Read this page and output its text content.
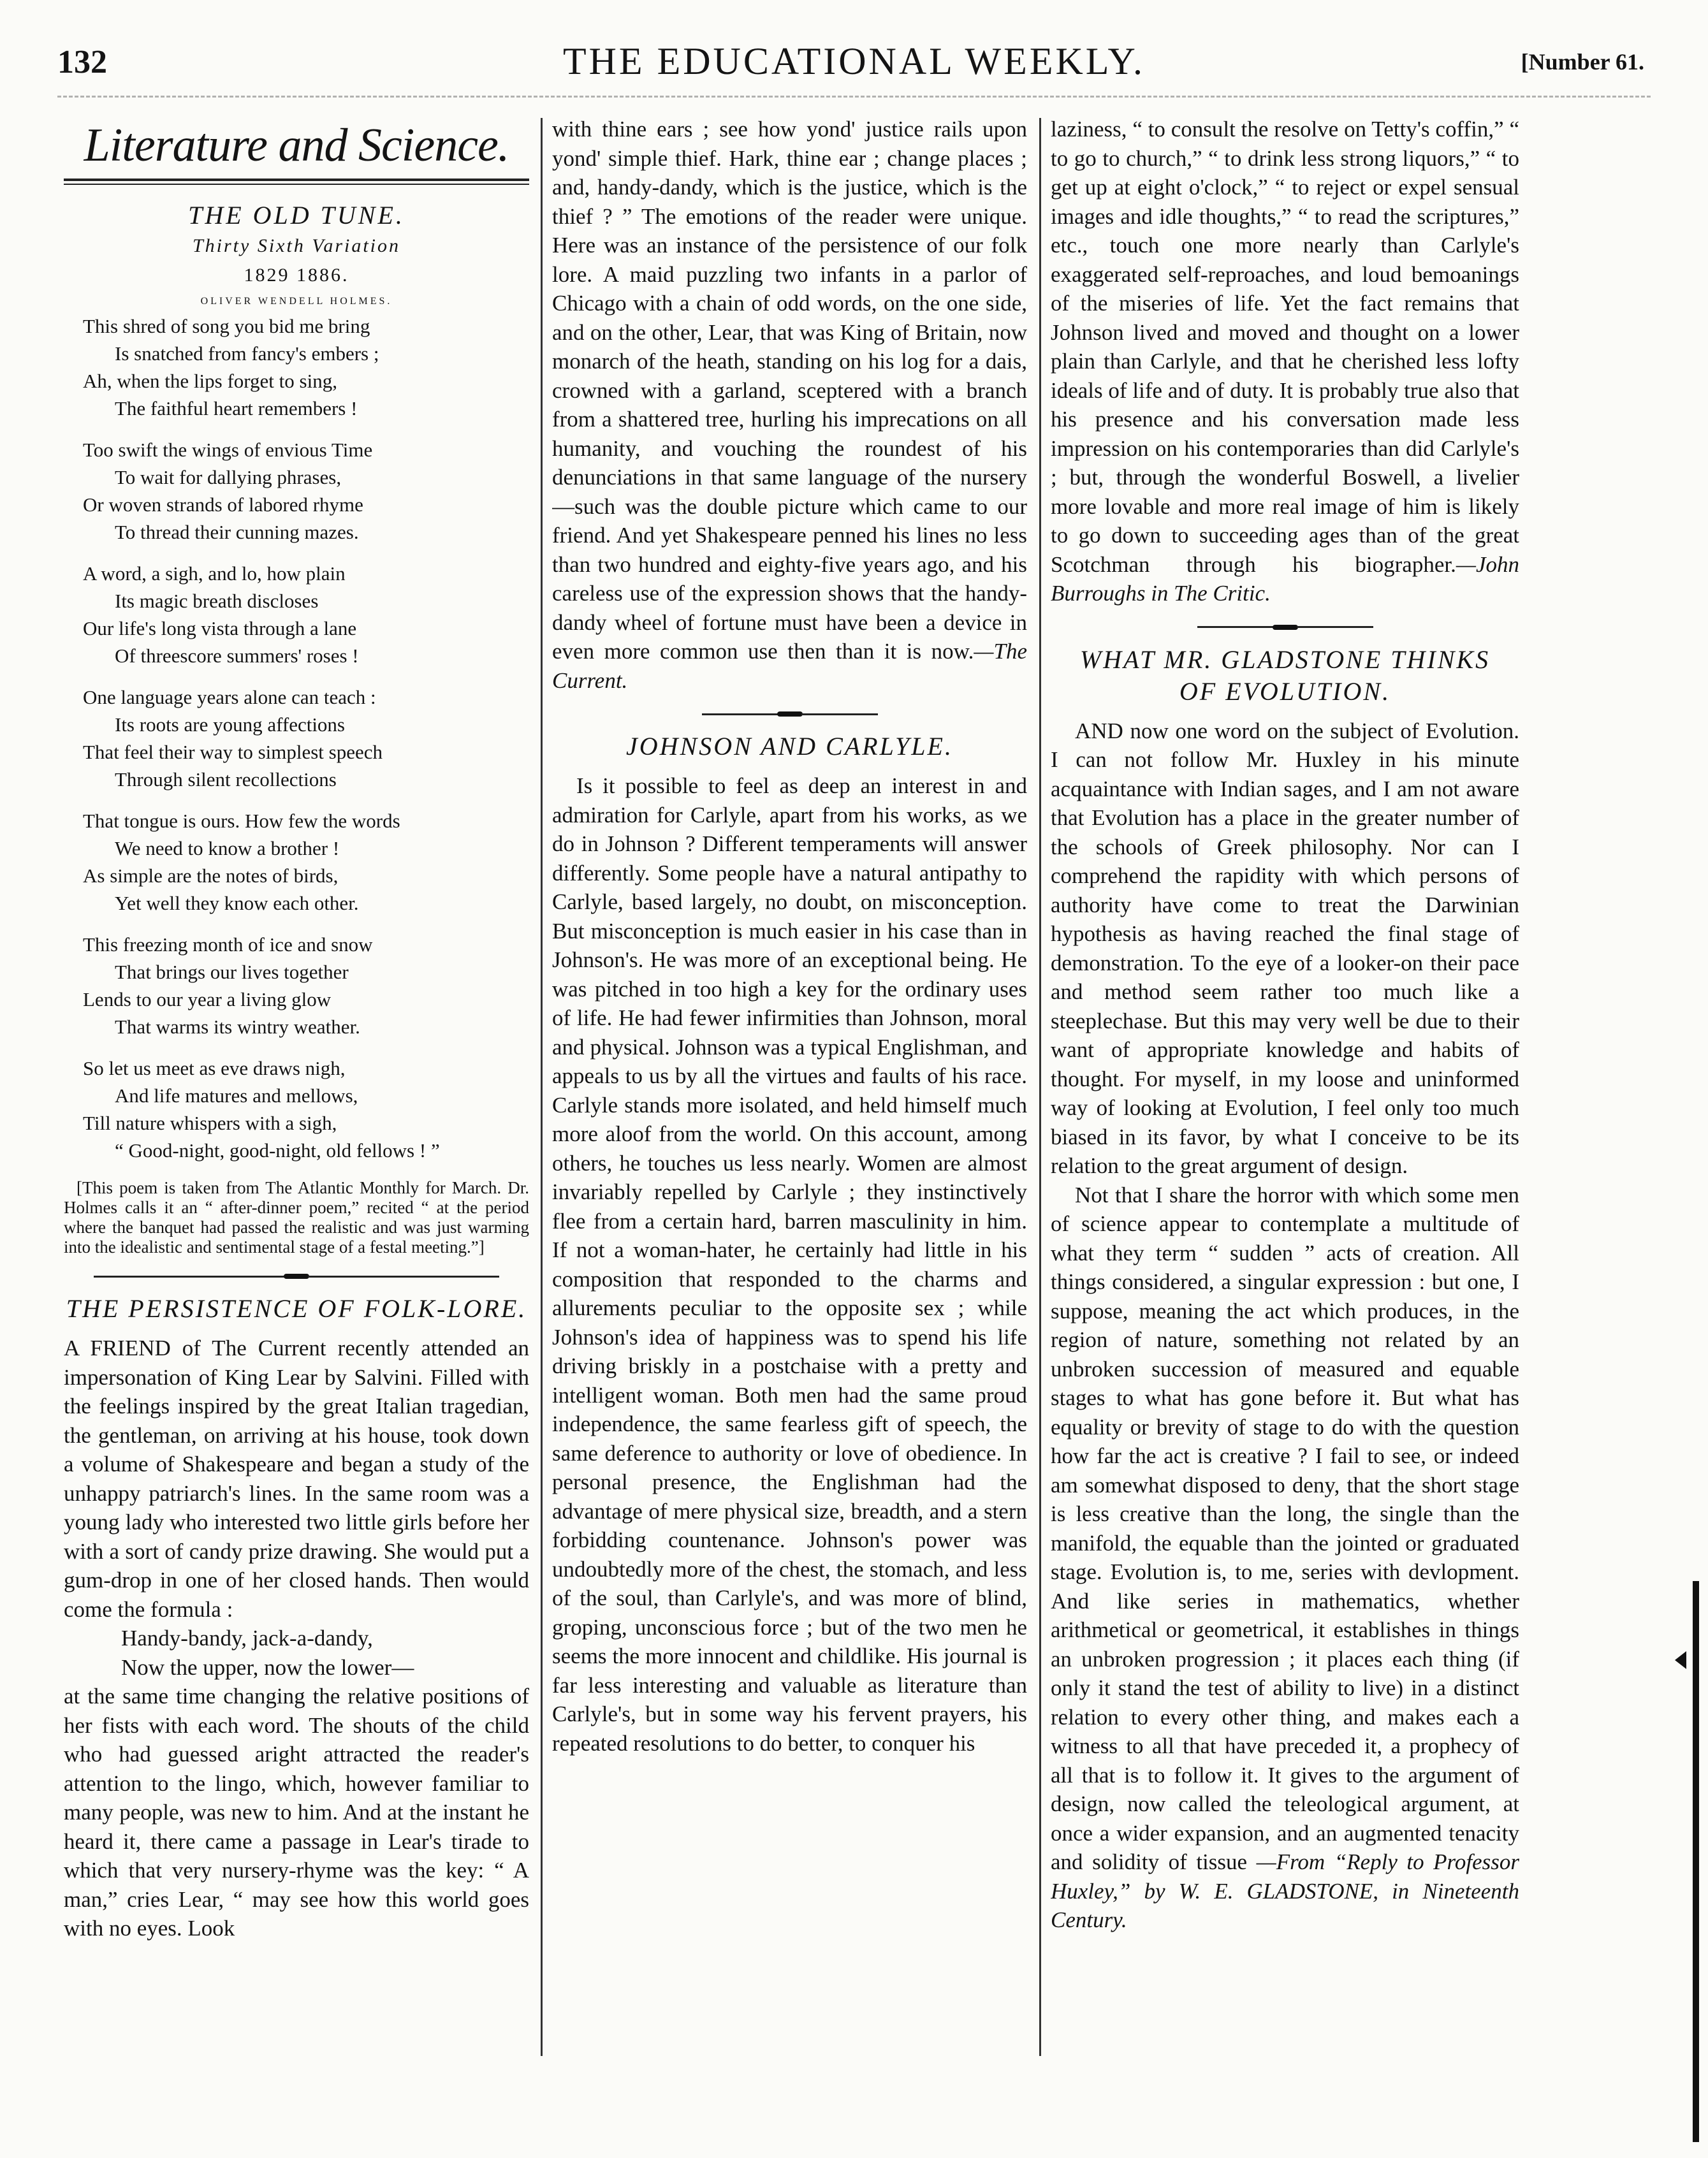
132	THE EDUCATIONAL WEEKLY.	[Number 61.
Literature and Science.
THE OLD TUNE.
Thirty Sixth Variation
1829 1886.
OLIVER WENDELL HOLMES.
This shred of song you bid me bring
Is snatched from fancy's embers ;
Ah, when the lips forget to sing,
The faithful heart remembers !
Too swift the wings of envious Time
To wait for dallying phrases,
Or woven strands of labored rhyme
To thread their cunning mazes.
A word, a sigh, and lo, how plain
Its magic breath discloses
Our life's long vista through a lane
Of threescore summers' roses !
One language years alone can teach :
Its roots are young affections
That feel their way to simplest speech
Through silent recollections
That tongue is ours. How few the words
We need to know a brother !
As simple are the notes of birds,
Yet well they know each other.
This freezing month of ice and snow
That brings our lives together
Lends to our year a living glow
That warms its wintry weather.
So let us meet as eve draws nigh,
And life matures and mellows,
Till nature whispers with a sigh,
“ Good-night, good-night, old fellows ! ”
[This poem is taken from The Atlantic Monthly for March. Dr. Holmes calls it an “ after-dinner poem,” recited “ at the period where the banquet had passed the realistic and was just warming into the idealistic and sentimental stage of a festal meeting.”]
THE PERSISTENCE OF FOLK-LORE.

A FRIEND of The Current recently attended an impersonation of King Lear by Salvini. Filled with the feelings inspired by the great Italian tragedian, the gentleman, on arriving at his house, took down a volume of Shakespeare and began a study of the unhappy patriarch's lines. In the same room was a young lady who interested two little girls before her with a sort of candy prize drawing. She would put a gum-drop in one of her closed hands. Then would come the formula :

Handy-bandy, jack-a-dandy,
Now the upper, now the lower—

at the same time changing the relative positions of her fists with each word. The shouts of the child who had guessed aright attracted the reader's attention to the lingo, which, however familiar to many people, was new to him. And at the instant he heard it, there came a passage in Lear's tirade to which that very nursery-rhyme was the key: “ A man,” cries Lear, “ may see how this world goes with no eyes. Look

with thine ears ; see how yond' justice rails upon yond' simple thief. Hark, thine ear ; change places ; and, handy-dandy, which is the justice, which is the thief ? ” The emotions of the reader were unique. Here was an instance of the persistence of our folk lore. A maid puzzling two infants in a parlor of Chicago with a chain of odd words, on the one side, and on the other, Lear, that was King of Britain, now monarch of the heath, standing on his log for a dais, crowned with a garland, sceptered with a branch from a shattered tree, hurling his imprecations on all humanity, and vouching the roundest of his denunciations in that same language of the nursery—such was the double picture which came to our friend. And yet Shakespeare penned his lines no less than two hundred and eighty-five years ago, and his careless use of the expression shows that the handy-dandy wheel of fortune must have been a device in even more common use then than it is now.—The Current.

JOHNSON AND CARLYLE.

Is it possible to feel as deep an interest in and admiration for Carlyle, apart from his works, as we do in Johnson ? Different temperaments will answer differently. Some people have a natural antipathy to Carlyle, based largely, no doubt, on misconception. But misconception is much easier in his case than in Johnson's. He was more of an exceptional being. He was pitched in too high a key for the ordinary uses of life. He had fewer infirmities than Johnson, moral and physical. Johnson was a typical Englishman, and appeals to us by all the virtues and faults of his race. Carlyle stands more isolated, and held himself much more aloof from the world. On this account, among others, he touches us less nearly. Women are almost invariably repelled by Carlyle ; they instinctively flee from a certain hard, barren masculinity in him. If not a woman-hater, he certainly had little in his composition that responded to the charms and allurements peculiar to the opposite sex ; while Johnson's idea of happiness was to spend his life driving briskly in a postchaise with a pretty and intelligent woman. Both men had the same proud independence, the same fearless gift of speech, the same deference to authority or love of obedience. In personal presence, the Englishman had the advantage of mere physical size, breadth, and a stern forbidding countenance. Johnson's power was undoubtedly more of the chest, the stomach, and less of the soul, than Carlyle's, and was more of blind, groping, unconscious force ; but of the two men he seems the more innocent and childlike. His journal is far less interesting and valuable as literature than Carlyle's, but in some way his fervent prayers, his repeated resolutions to do better, to conquer his

laziness, “ to consult the resolve on Tetty's coffin,” “ to go to church,” “ to drink less strong liquors,” “ to get up at eight o'clock,” “ to reject or expel sensual images and idle thoughts,” “ to read the scriptures,” etc., touch one more nearly than Carlyle's exaggerated self-reproaches, and loud bemoanings of the miseries of life. Yet the fact remains that Johnson lived and moved and thought on a lower plain than Carlyle, and that he cherished less lofty ideals of life and of duty. It is probably true also that his presence and his conversation made less impression on his contemporaries than did Carlyle's ; but, through the wonderful Boswell, a livelier more lovable and more real image of him is likely to go down to succeeding ages than of the great Scotchman through his biographer.—John Burroughs in The Critic.

WHAT MR. GLADSTONE THINKS
OF EVOLUTION.

AND now one word on the subject of Evolution. I can not follow Mr. Huxley in his minute acquaintance with Indian sages, and I am not aware that Evolution has a place in the greater number of the schools of Greek philosophy. Nor can I comprehend the rapidity with which persons of authority have come to treat the Darwinian hypothesis as having reached the final stage of demonstration. To the eye of a looker-on their pace and method seem rather too much like a steeplechase. But this may very well be due to their want of appropriate knowledge and habits of thought. For myself, in my loose and uninformed way of looking at Evolution, I feel only too much biased in its favor, by what I conceive to be its relation to the great argument of design.

Not that I share the horror with which some men of science appear to contemplate a multitude of what they term “ sudden ” acts of creation. All things considered, a singular expression : but one, I suppose, meaning the act which produces, in the region of nature, something not related by an unbroken succession of measured and equable stages to what has gone before it. But what has equality or brevity of stage to do with the question how far the act is creative ? I fail to see, or indeed am somewhat disposed to deny, that the short stage is less creative than the long, the single than the manifold, the equable than the jointed or graduated stage. Evolution is, to me, series with devlopment. And like series in mathematics, whether arithmetical or geometrical, it establishes in things an unbroken progression ; it places each thing (if only it stand the test of ability to live) in a distinct relation to every other thing, and makes each a witness to all that have preceded it, a prophecy of all that is to follow it. It gives to the argument of design, now called the teleological argument, at once a wider expansion, and an augmented tenacity and solidity of tissue —From “Reply to Professor Huxley,” by W. E. GLADSTONE, in Nineteenth Century.
